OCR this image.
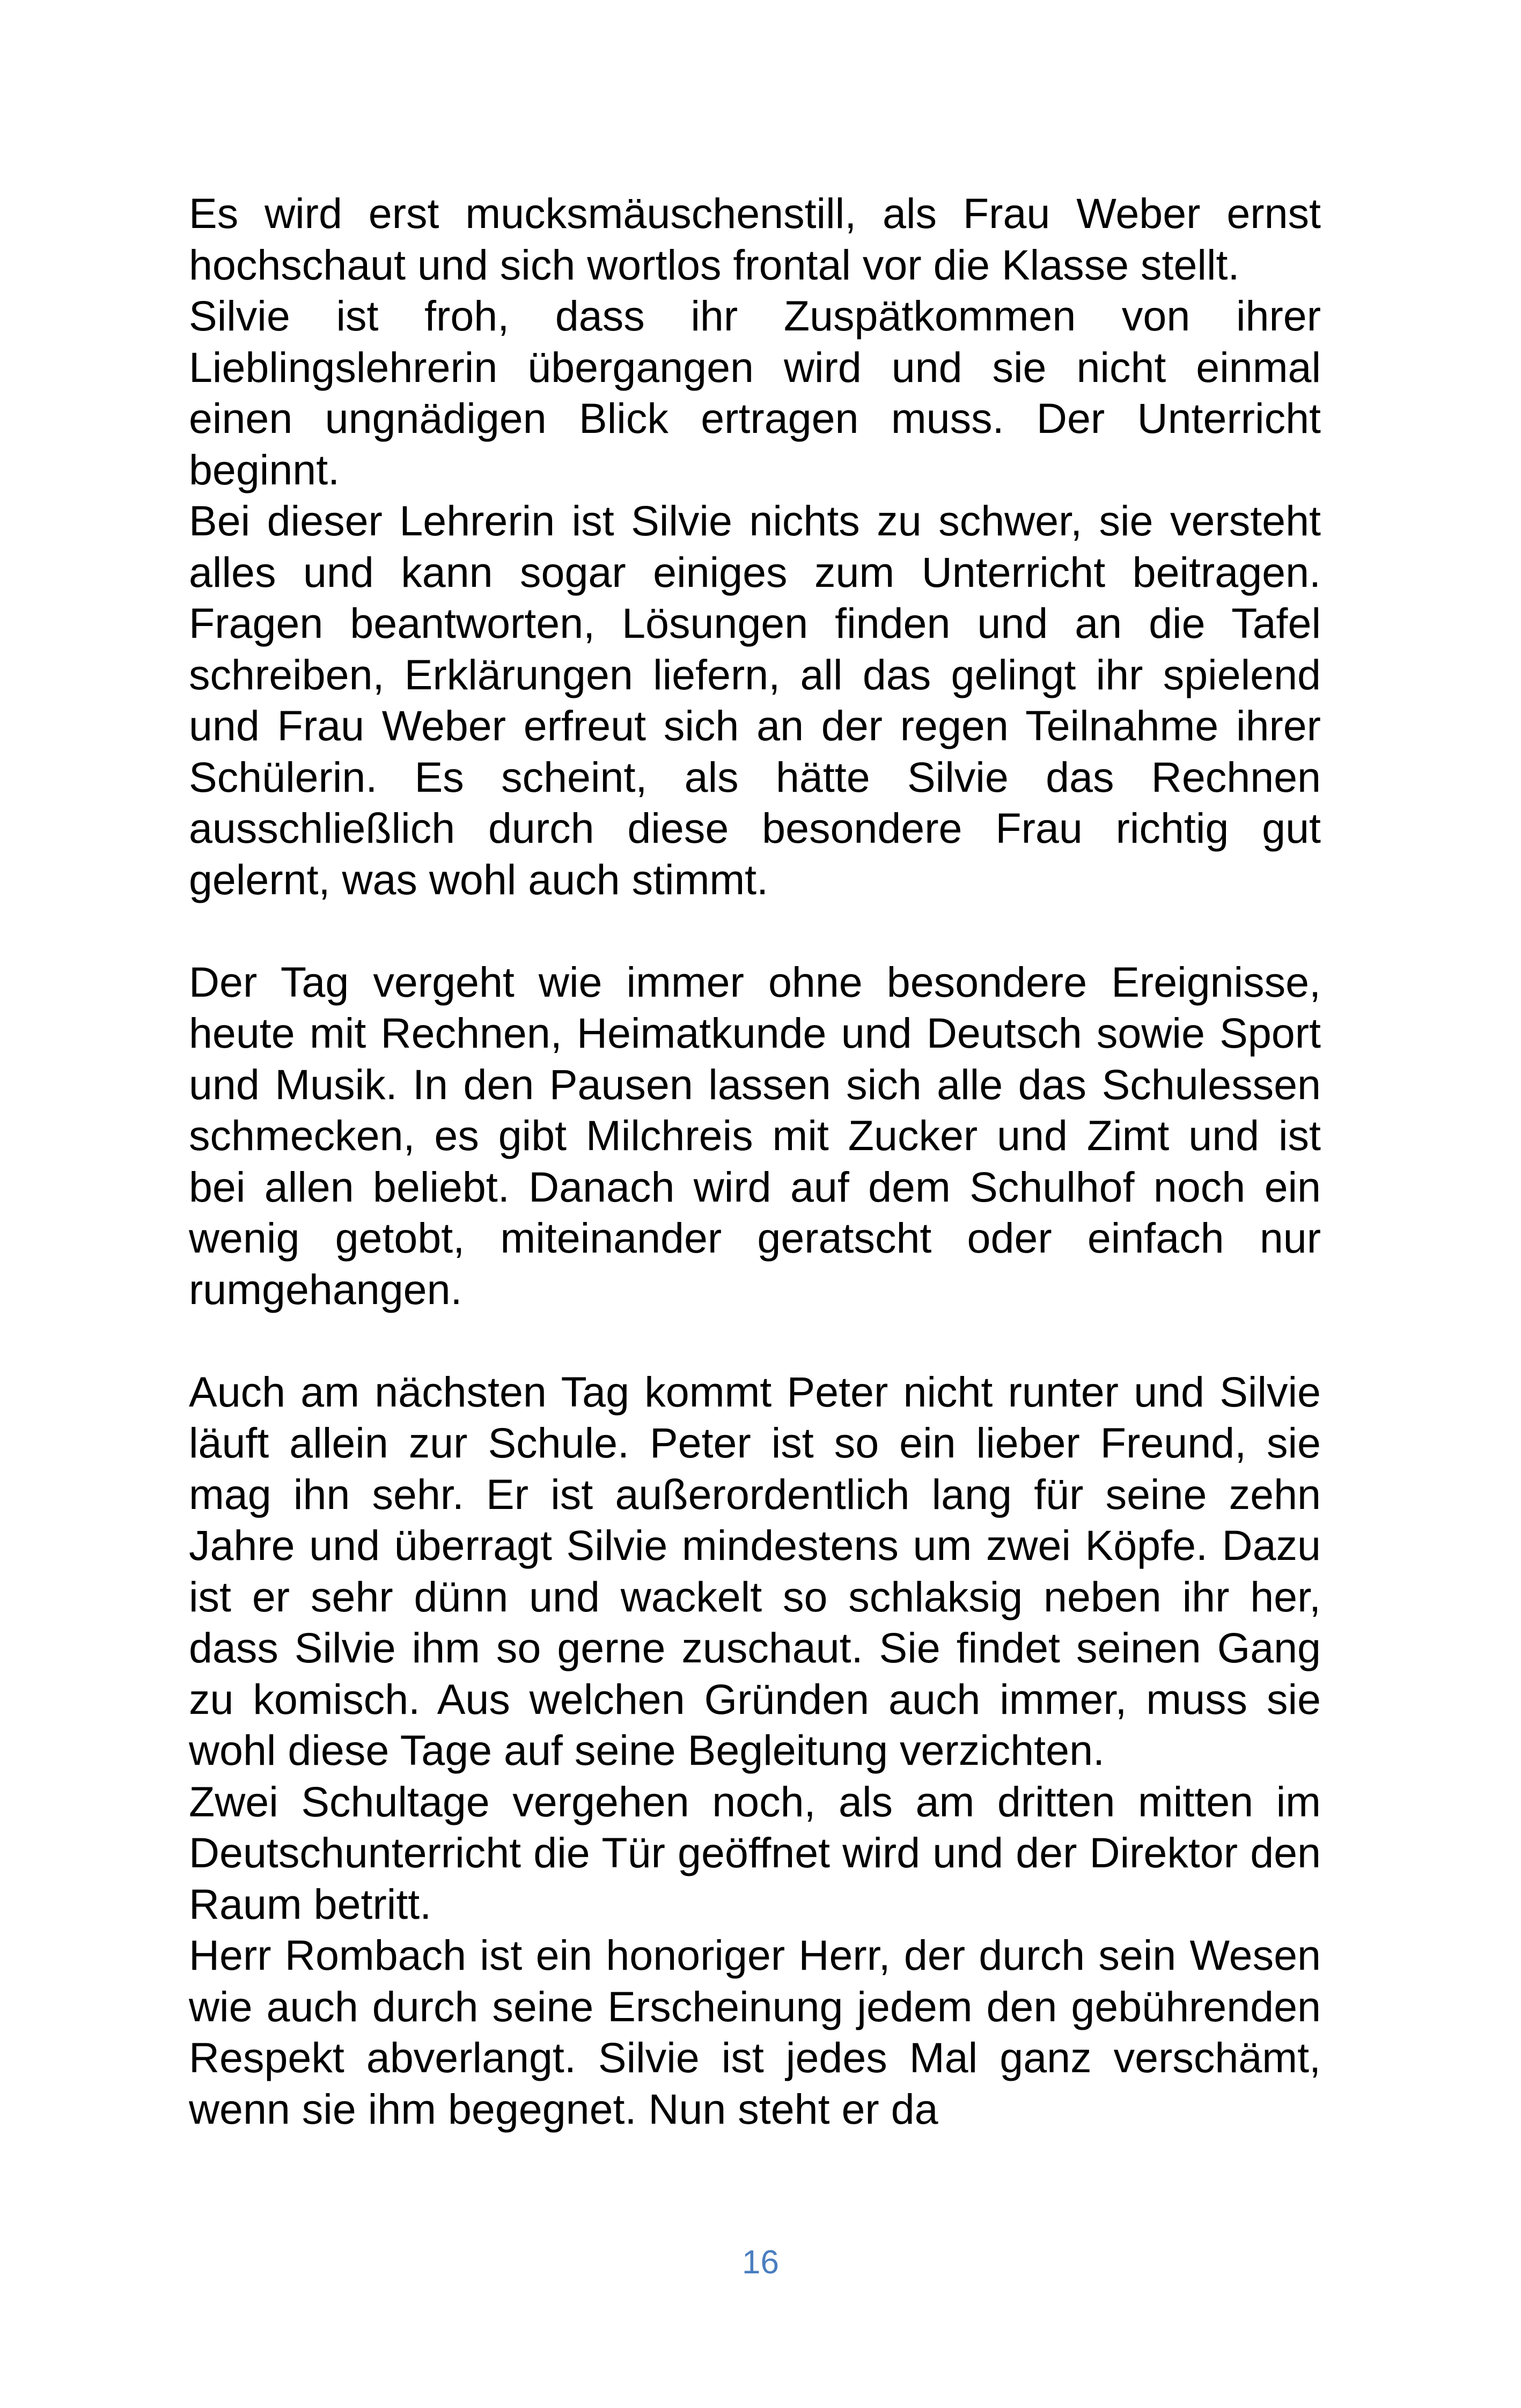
Es wird erst mucksmäuschenstill, als Frau Weber ernst hochschaut und sich wortlos frontal vor die Klasse stellt.

Silvie ist froh, dass ihr Zuspätkommen von ihrer Lieblingslehrerin übergangen wird und sie nicht einmal einen ungnädigen Blick ertragen muss. Der Unterricht beginnt.

Bei dieser Lehrerin ist Silvie nichts zu schwer, sie versteht alles und kann sogar einiges zum Unterricht beitragen. Fragen beantworten, Lösungen finden und an die Tafel schreiben, Erklärungen liefern, all das gelingt ihr spielend und Frau Weber erfreut sich an der regen Teilnahme ihrer Schülerin. Es scheint, als hätte Silvie das Rechnen ausschließlich durch diese besondere Frau richtig gut gelernt, was wohl auch stimmt.

Der Tag vergeht wie immer ohne besondere Ereignisse, heute mit Rechnen, Heimatkunde und Deutsch sowie Sport und Musik. In den Pausen lassen sich alle das Schulessen schmecken, es gibt Milchreis mit Zucker und Zimt und ist bei allen beliebt. Danach wird auf dem Schulhof noch ein wenig getobt, miteinander geratscht oder einfach nur rumgehangen.

Auch am nächsten Tag kommt Peter nicht runter und Silvie läuft allein zur Schule. Peter ist so ein lieber Freund, sie mag ihn sehr. Er ist außerordentlich lang für seine zehn Jahre und überragt Silvie mindestens um zwei Köpfe. Dazu ist er sehr dünn und wackelt so schlaksig neben ihr her, dass Silvie ihm so gerne zuschaut. Sie findet seinen Gang zu komisch. Aus welchen Gründen auch immer, muss sie wohl diese Tage auf seine Begleitung verzichten.

Zwei Schultage vergehen noch, als am dritten mitten im Deutschunterricht die Tür geöffnet wird und der Direktor den Raum betritt.

Herr Rombach ist ein honoriger Herr, der durch sein Wesen wie auch durch seine Erscheinung jedem den gebührenden Respekt abverlangt. Silvie ist jedes Mal ganz verschämt, wenn sie ihm begegnet. Nun steht er da

16
